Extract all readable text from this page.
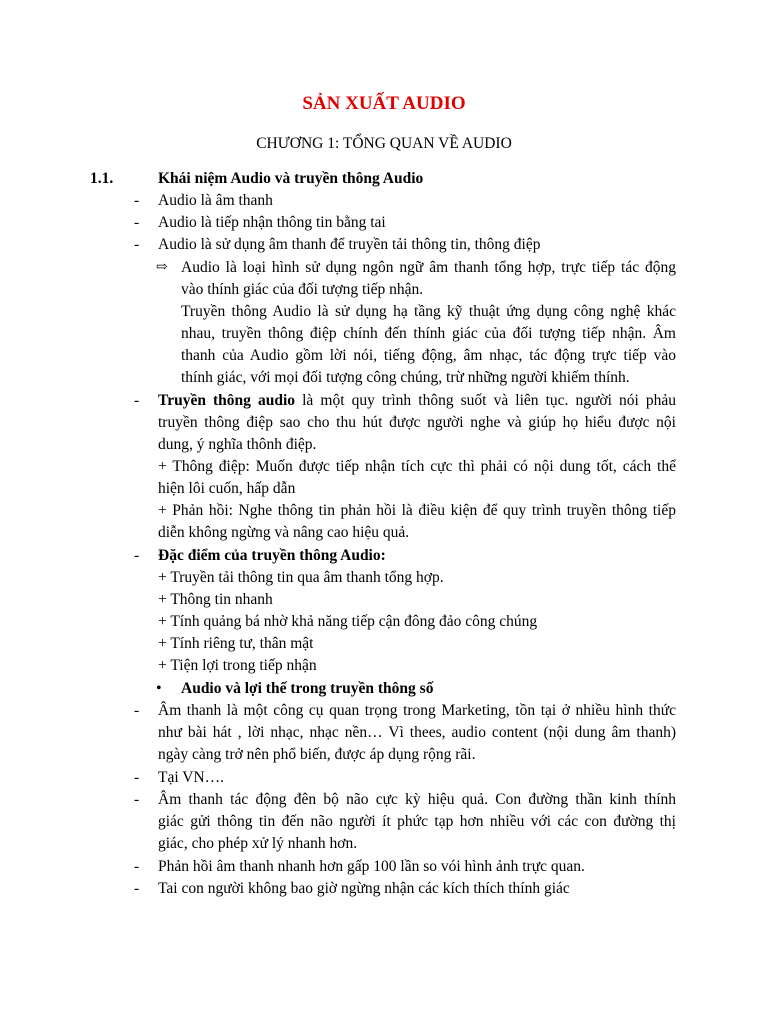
SẢN XUẤT AUDIO
CHƯƠNG 1: TỔNG QUAN VỀ AUDIO
1.1.	Khái niệm Audio và truyền thông Audio
- Audio là âm thanh
- Audio là tiếp nhận thông tin bằng tai
- Audio là sử dụng âm thanh để truyền tải thông tin, thông điệp
⇨ Audio là loại hình sử dụng ngôn ngữ âm thanh tổng hợp, trực tiếp tác động
vào thính giác của đối tượng tiếp nhận.
Truyền thông Audio là sử dụng hạ tầng kỹ thuật ứng dụng công nghệ khác
nhau, truyền thông điệp chính đến thính giác của đối tượng tiếp nhận. Âm
thanh của Audio gồm lời nói, tiếng động, âm nhạc, tác động trực tiếp vào
thính giác, với mọi đối tượng công chúng, trừ những người khiếm thính.
- Truyền thông audio là một quy trình thông suốt và liên tục. người nói phảu
truyền thông điệp sao cho thu hút được người nghe và giúp họ hiểu được nội
dung, ý nghĩa thônh điệp.
+ Thông điệp: Muốn được tiếp nhận tích cực thì phải có nội dung tốt, cách thể
hiện lôi cuốn, hấp dẫn
+ Phản hồi: Nghe thông tin phản hồi là điều kiện để quy trình truyền thông tiếp
diễn không ngừng và nâng cao hiệu quả.
- Đặc điểm của truyền thông Audio:
+ Truyền tải thông tin qua âm thanh tổng hợp.
+ Thông tin nhanh
+ Tính quảng bá nhờ khả năng tiếp cận đông đảo công chúng
+ Tính riêng tư, thân mật
+ Tiện lợi trong tiếp nhận
• Audio và lợi thế trong truyền thông số
- Âm thanh là một công cụ quan trọng trong Marketing, tồn tại ở nhiều hình thức
như bài hát , lời nhạc, nhạc nền… Vì thees, audio content (nội dung âm thanh)
ngày càng trở nên phổ biến, được áp dụng rộng rãi.
- Tại VN….
- Âm thanh tác động đên bộ não cực kỳ hiệu quả. Con đường thần kinh thính
giác gửi thông tin đến não người ít phức tạp hơn nhiều với các con đường thị
giác, cho phép xử lý nhanh hơn.
- Phản hồi âm thanh nhanh hơn gấp 100 lần so vói hình ảnh trực quan.
- Tai con người không bao giờ ngừng nhận các kích thích thính giác
